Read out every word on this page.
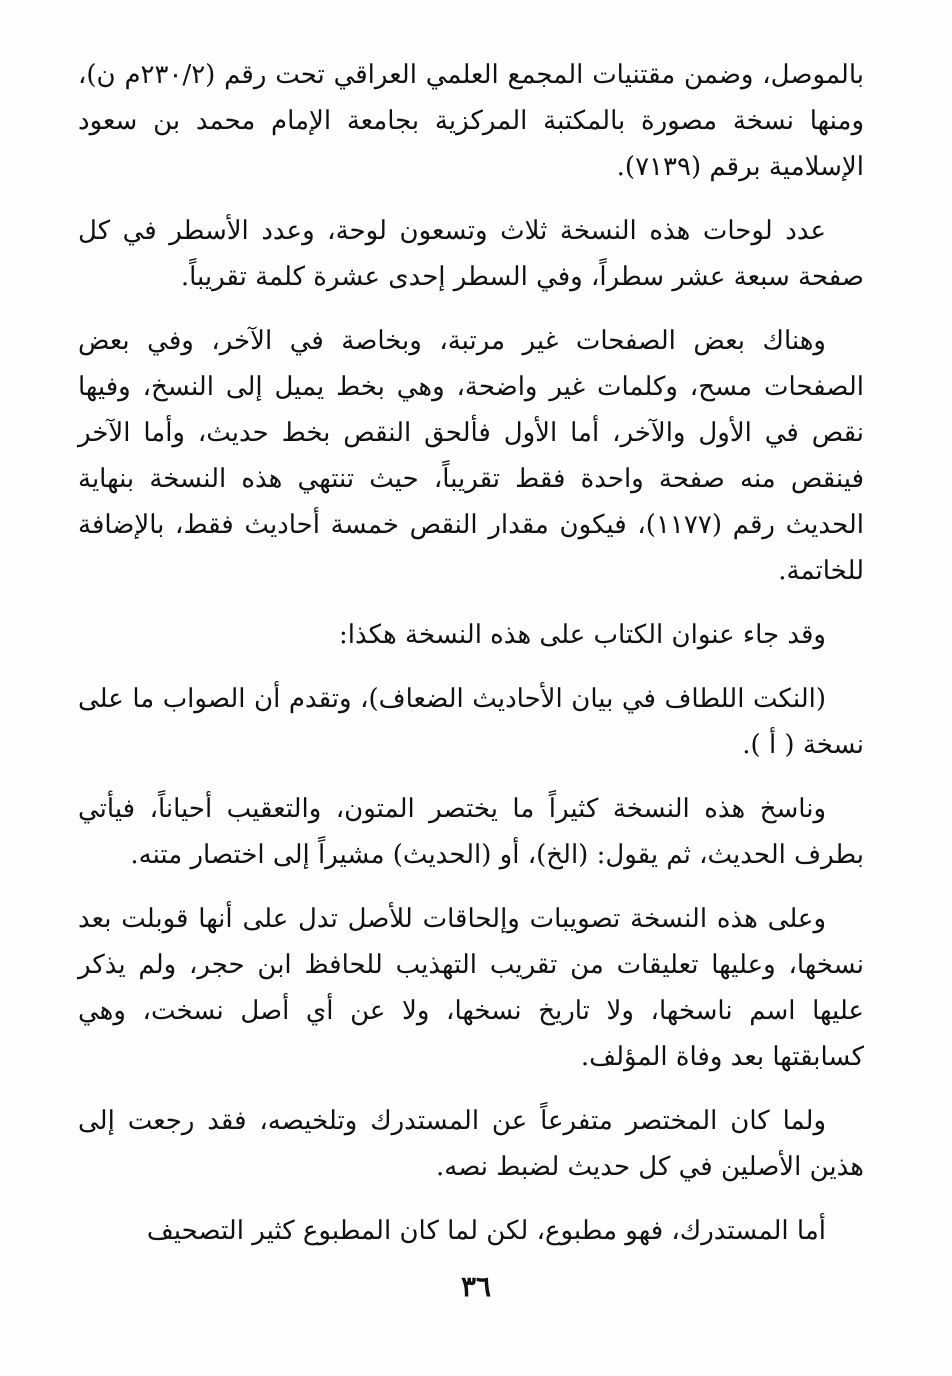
بالموصل، وضمن مقتنيات المجمع العلمي العراقي تحت رقم (٢٣٠/٢م ن)، ومنها نسخة مصورة بالمكتبة المركزية بجامعة الإمام محمد بن سعود الإسلامية برقم (٧١٣٩).

عدد لوحات هذه النسخة ثلاث وتسعون لوحة، وعدد الأسطر في كل صفحة سبعة عشر سطراً، وفي السطر إحدى عشرة كلمة تقريباً.

وهناك بعض الصفحات غير مرتبة، وبخاصة في الآخر، وفي بعض الصفحات مسح، وكلمات غير واضحة، وهي بخط يميل إلى النسخ، وفيها نقص في الأول والآخر، أما الأول فألحق النقص بخط حديث، وأما الآخر فينقص منه صفحة واحدة فقط تقريباً، حيث تنتهي هذه النسخة بنهاية الحديث رقم (١١٧٧)، فيكون مقدار النقص خمسة أحاديث فقط، بالإضافة للخاتمة.

وقد جاء عنوان الكتاب على هذه النسخة هكذا:

(النكت اللطاف في بيان الأحاديث الضعاف)، وتقدم أن الصواب ما على نسخة ( أ ).

وناسخ هذه النسخة كثيراً ما يختصر المتون، والتعقيب أحياناً، فيأتي بطرف الحديث، ثم يقول: (الخ)، أو (الحديث) مشيراً إلى اختصار متنه.

وعلى هذه النسخة تصويبات وإلحاقات للأصل تدل على أنها قوبلت بعد نسخها، وعليها تعليقات من تقريب التهذيب للحافظ ابن حجر، ولم يذكر عليها اسم ناسخها، ولا تاريخ نسخها، ولا عن أي أصل نسخت، وهي كسابقتها بعد وفاة المؤلف.

ولما كان المختصر متفرعاً عن المستدرك وتلخيصه، فقد رجعت إلى هذين الأصلين في كل حديث لضبط نصه.

أما المستدرك، فهو مطبوع، لكن لما كان المطبوع كثير التصحيف

٣٦
